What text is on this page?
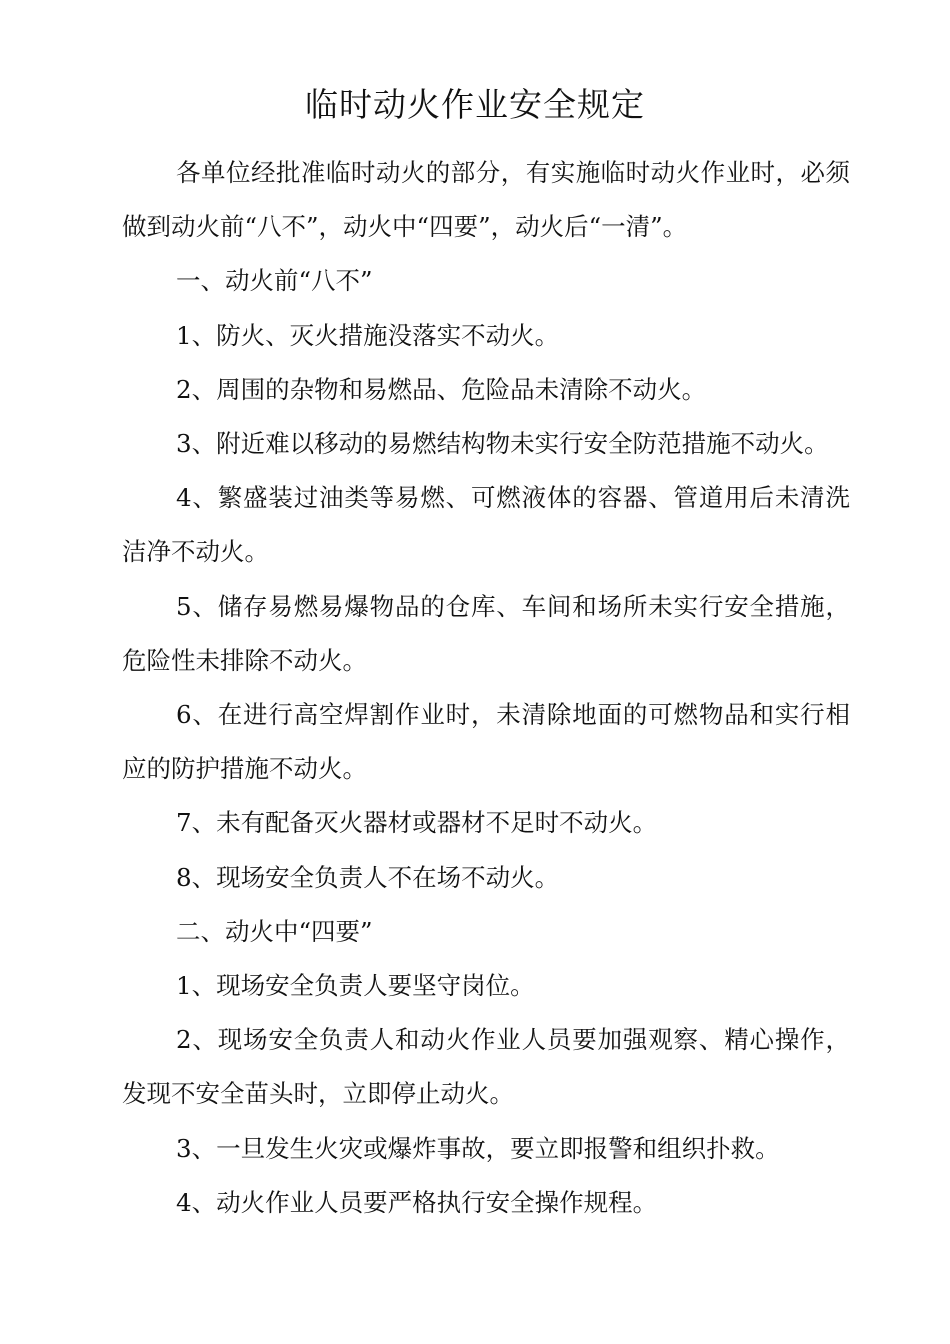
临时动火作业安全规定

各单位经批准临时动火的部分，有实施临时动火作业时，必须做到动火前“八不”，动火中“四要”，动火后“一清”。

一、动火前“八不”

1、防火、灭火措施没落实不动火。

2、周围的杂物和易燃品、危险品未清除不动火。

3、附近难以移动的易燃结构物未实行安全防范措施不动火。

4、繁盛装过油类等易燃、可燃液体的容器、管道用后未清洗洁净不动火。

5、储存易燃易爆物品的仓库、车间和场所未实行安全措施，危险性未排除不动火。

6、在进行高空焊割作业时，未清除地面的可燃物品和实行相应的防护措施不动火。

7、未有配备灭火器材或器材不足时不动火。

8、现场安全负责人不在场不动火。

二、动火中“四要”

1、现场安全负责人要坚守岗位。

2、现场安全负责人和动火作业人员要加强观察、精心操作，发现不安全苗头时，立即停止动火。

3、一旦发生火灾或爆炸事故，要立即报警和组织扑救。

4、动火作业人员要严格执行安全操作规程。
